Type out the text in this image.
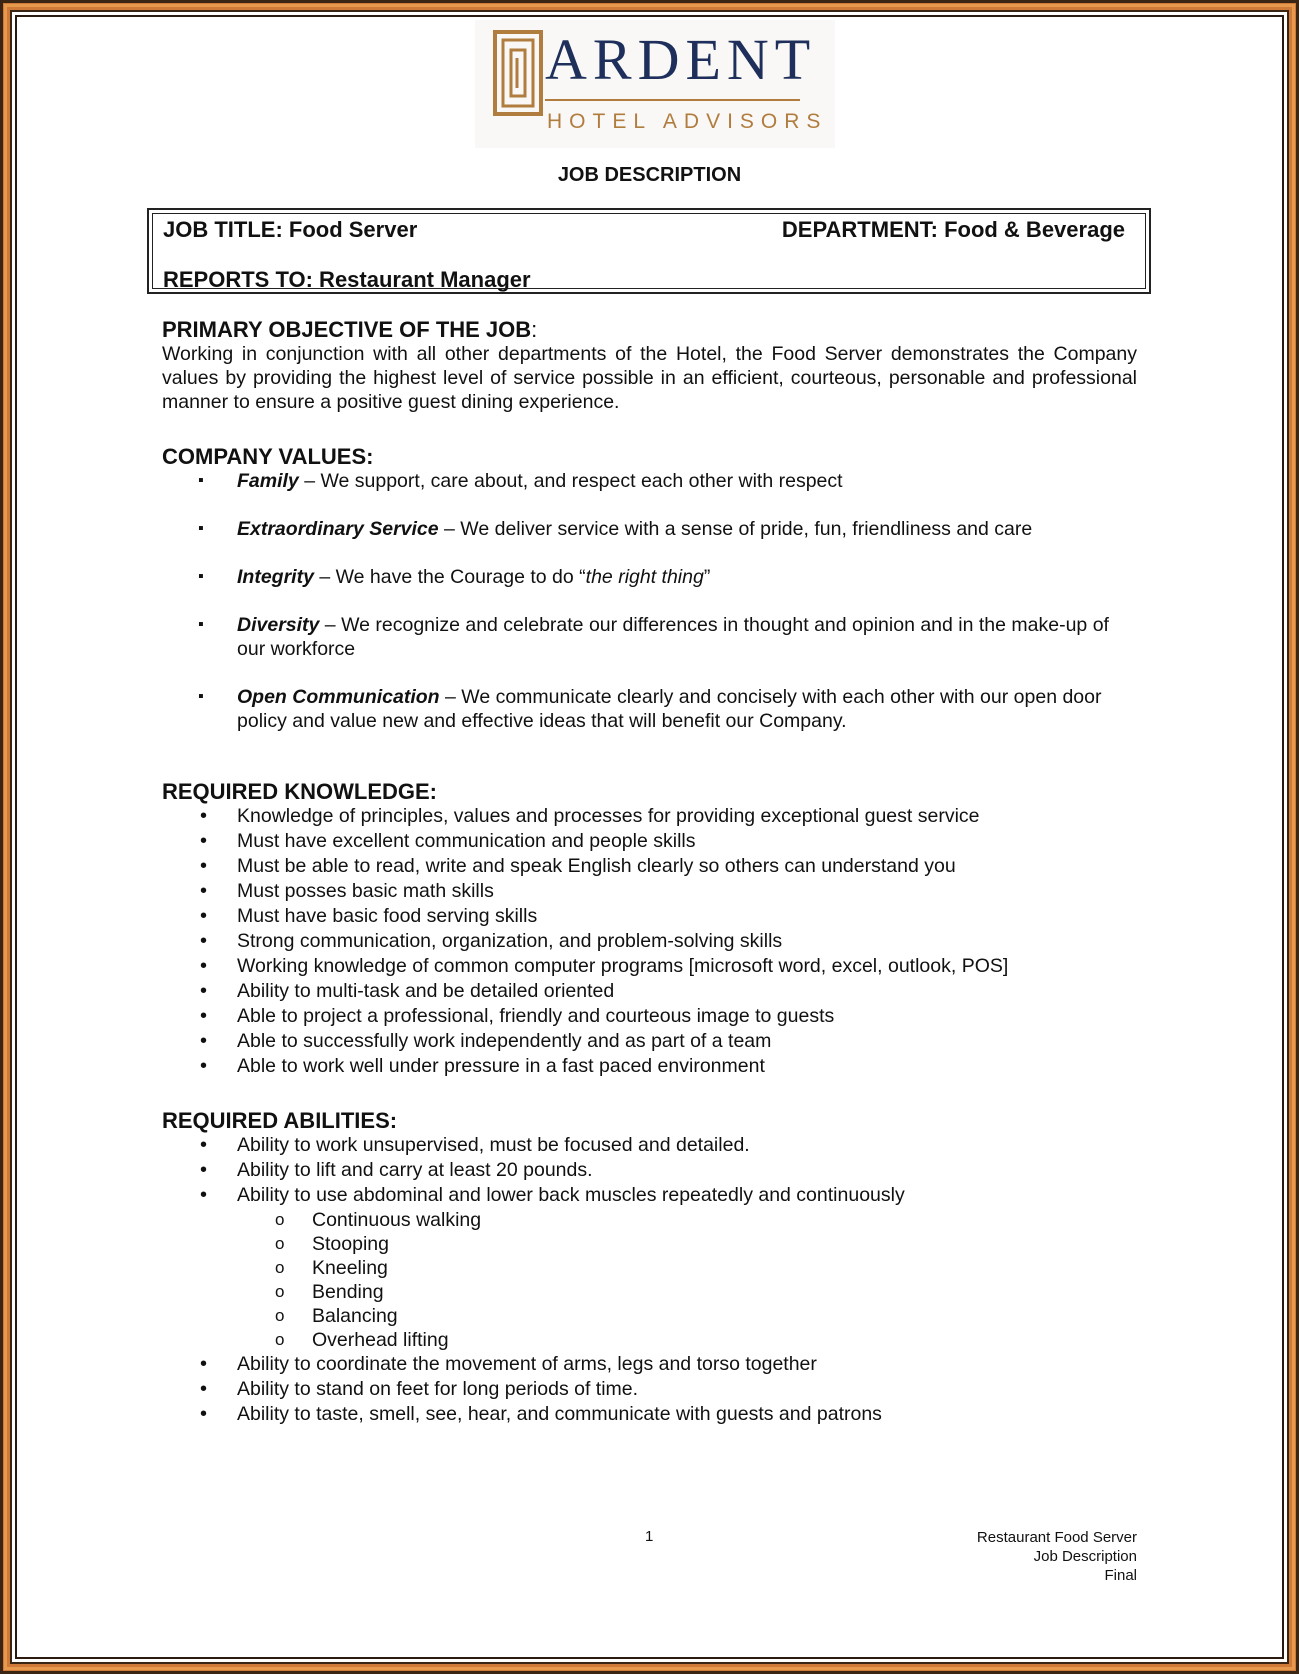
ARDENT
HOTEL ADVISORS
JOB DESCRIPTION
JOB TITLE: Food Server	DEPARTMENT: Food & Beverage
REPORTS TO: Restaurant Manager

PRIMARY OBJECTIVE OF THE JOB:

Working in conjunction with all other departments of the Hotel, the Food Server demonstrates the Company values by providing the highest level of service possible in an efficient, courteous, personable and professional manner to ensure a positive guest dining experience.

COMPANY VALUES:

▪ Family – We support, care about, and respect each other with respect
▪ Extraordinary Service – We deliver service with a sense of pride, fun, friendliness and care
▪ Integrity – We have the Courage to do “the right thing”
▪ Diversity – We recognize and celebrate our differences in thought and opinion and in the make-up of our workforce
▪ Open Communication – We communicate clearly and concisely with each other with our open door policy and value new and effective ideas that will benefit our Company.

REQUIRED KNOWLEDGE:

• Knowledge of principles, values and processes for providing exceptional guest service
• Must have excellent communication and people skills
• Must be able to read, write and speak English clearly so others can understand you
• Must posses basic math skills
• Must have basic food serving skills
• Strong communication, organization, and problem-solving skills
• Working knowledge of common computer programs [microsoft word, excel, outlook, POS]
• Ability to multi-task and be detailed oriented
• Able to project a professional, friendly and courteous image to guests
• Able to successfully work independently and as part of a team
• Able to work well under pressure in a fast paced environment

REQUIRED ABILITIES:

• Ability to work unsupervised, must be focused and detailed.
• Ability to lift and carry at least 20 pounds.
• Ability to use abdominal and lower back muscles repeatedly and continuously
o Continuous walking
o Stooping
o Kneeling
o Bending
o Balancing
o Overhead lifting
• Ability to coordinate the movement of arms, legs and torso together
• Ability to stand on feet for long periods of time.
• Ability to taste, smell, see, hear, and communicate with guests and patrons
1	Restaurant Food Server
Job Description
Final
